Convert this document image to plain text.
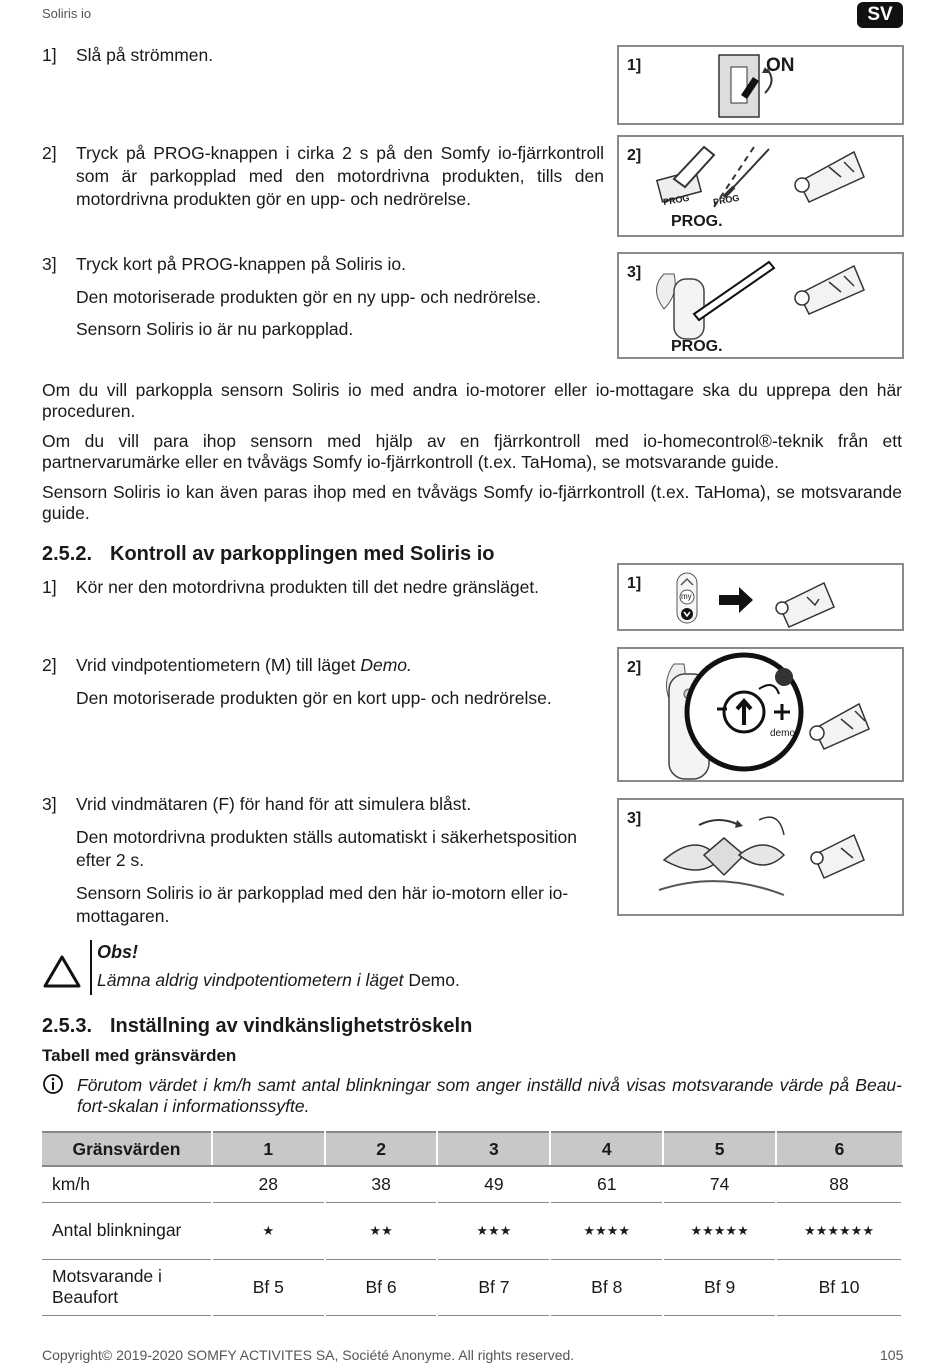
Soliris io	SV
1] Slå på strömmen.
2] Tryck på PROG-knappen i cirka 2 s på den Somfy io-fjärrkontroll som är parkopplad med den motordrivna produkten, tills den motordrivna produkten gör en upp- och nedrörelse.
3] Tryck kort på PROG-knappen på Soliris io.
Den motoriserade produkten gör en ny upp- och nedrörelse.
Sensorn Soliris io är nu parkopplad.
1]	ON
2]
PROG PROG
PROG.
3]
PROG.
Om du vill parkoppla sensorn Soliris io med andra io-motorer eller io-mottagare ska du upprepa den här proceduren.
Om du vill para ihop sensorn med hjälp av en fjärrkontroll med io-homecontrol®-teknik från ett partnervarumärke eller en tvåvägs Somfy io-fjärrkontroll (t.ex. TaHoma), se motsvarande guide.
Sensorn Soliris io kan även paras ihop med en tvåvägs Somfy io-fjärrkontroll (t.ex. TaHoma), se motsvarande guide.
2.5.2. Kontroll av parkopplingen med Soliris io
1] Kör ner den motordrivna produkten till det nedre gränsläget.
2] Vrid vindpotentiometern (M) till läget Demo.
Den motoriserade produkten gör en kort upp- och nedrörelse.
3] Vrid vindmätaren (F) för hand för att simulera blåst.
Den motordrivna produkten ställs automatiskt i säkerhetsposition efter 2 s.
Sensorn Soliris io är parkopplad med den här io-motorn eller io-mottagaren.
1]
my
2]
demo
3]
Obs!
Lämna aldrig vindpotentiometern i läget Demo.
2.5.3. Inställning av vindkänslighetströskeln
Tabell med gränsvärden
Förutom värdet i km/h samt antal blinkningar som anger inställd nivå visas motsvarande värde på Beaufort-skalan i informationssyfte.
Gränsvärden	1	2	3	4	5	6
km/h	28	38	49	61	74	88
Antal blinkningar	★	★★	★★★	★★★★	★★★★★	★★★★★★
Motsvarande i Beaufort	Bf 5	Bf 6	Bf 7	Bf 8	Bf 9	Bf 10
Copyright© 2019-2020 SOMFY ACTIVITES SA, Société Anonyme. All rights reserved.	105
